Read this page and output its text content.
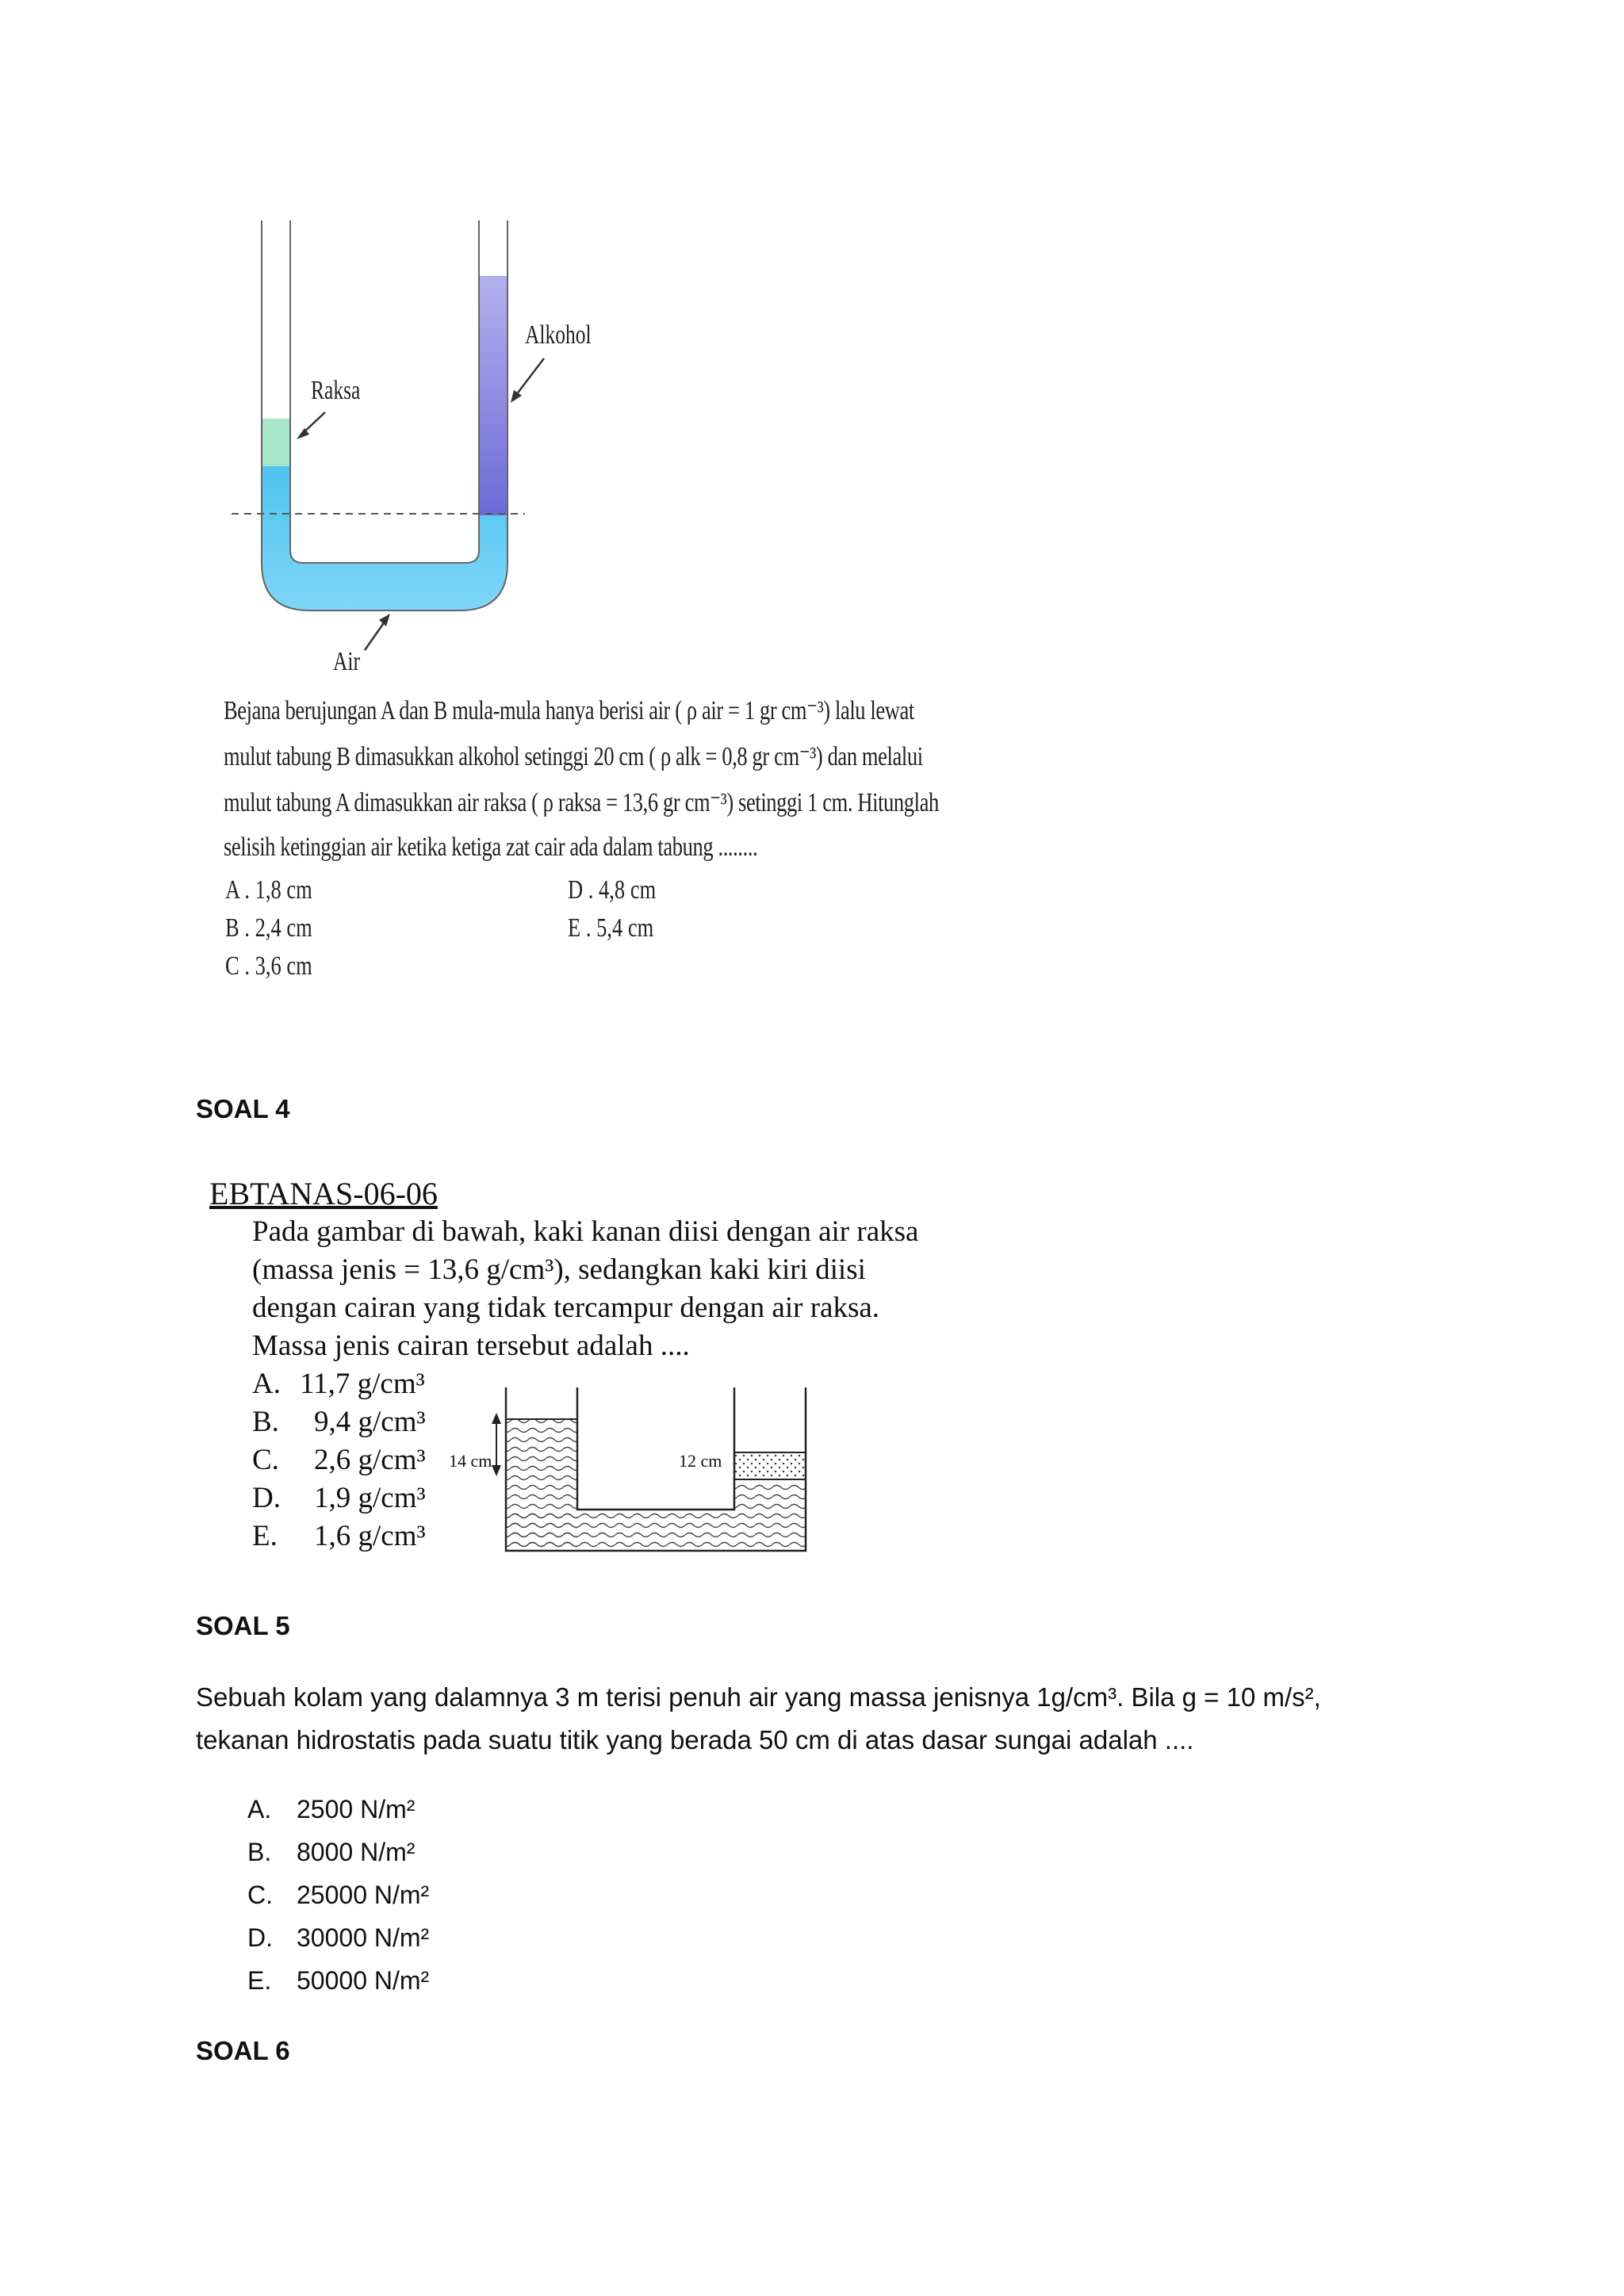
Alkohol
Raksa
Air
Bejana berujungan A dan B mula-mula hanya berisi air ( ρ air = 1 gr cm⁻³) lalu lewat
mulut tabung B dimasukkan alkohol setinggi 20 cm ( ρ alk = 0,8 gr cm⁻³) dan melalui
mulut tabung A dimasukkan air raksa ( ρ raksa = 13,6 gr cm⁻³) setinggi 1 cm. Hitunglah
selisih ketinggian air ketika ketiga zat cair ada dalam tabung ........
A . 1,8 cm
B . 2,4 cm
C . 3,6 cm
D . 4,8 cm
E . 5,4 cm
SOAL 4
EBTANAS-06-06
Pada gambar di bawah, kaki kanan diisi dengan air raksa
(massa jenis = 13,6 g/cm³), sedangkan kaki kiri diisi
dengan cairan yang tidak tercampur dengan air raksa.
Massa jenis cairan tersebut adalah ....
A. 11,7 g/cm³
B. 9,4 g/cm³
C. 2,6 g/cm³
D. 1,9 g/cm³
E. 1,6 g/cm³
14 cm	12 cm
SOAL 5
Sebuah kolam yang dalamnya 3 m terisi penuh air yang massa jenisnya 1g/cm³. Bila g = 10 m/s²,
tekanan hidrostatis pada suatu titik yang berada 50 cm di atas dasar sungai adalah ....
A. 2500 N/m²
B. 8000 N/m²
C. 25000 N/m²
D. 30000 N/m²
E. 50000 N/m²
SOAL 6
